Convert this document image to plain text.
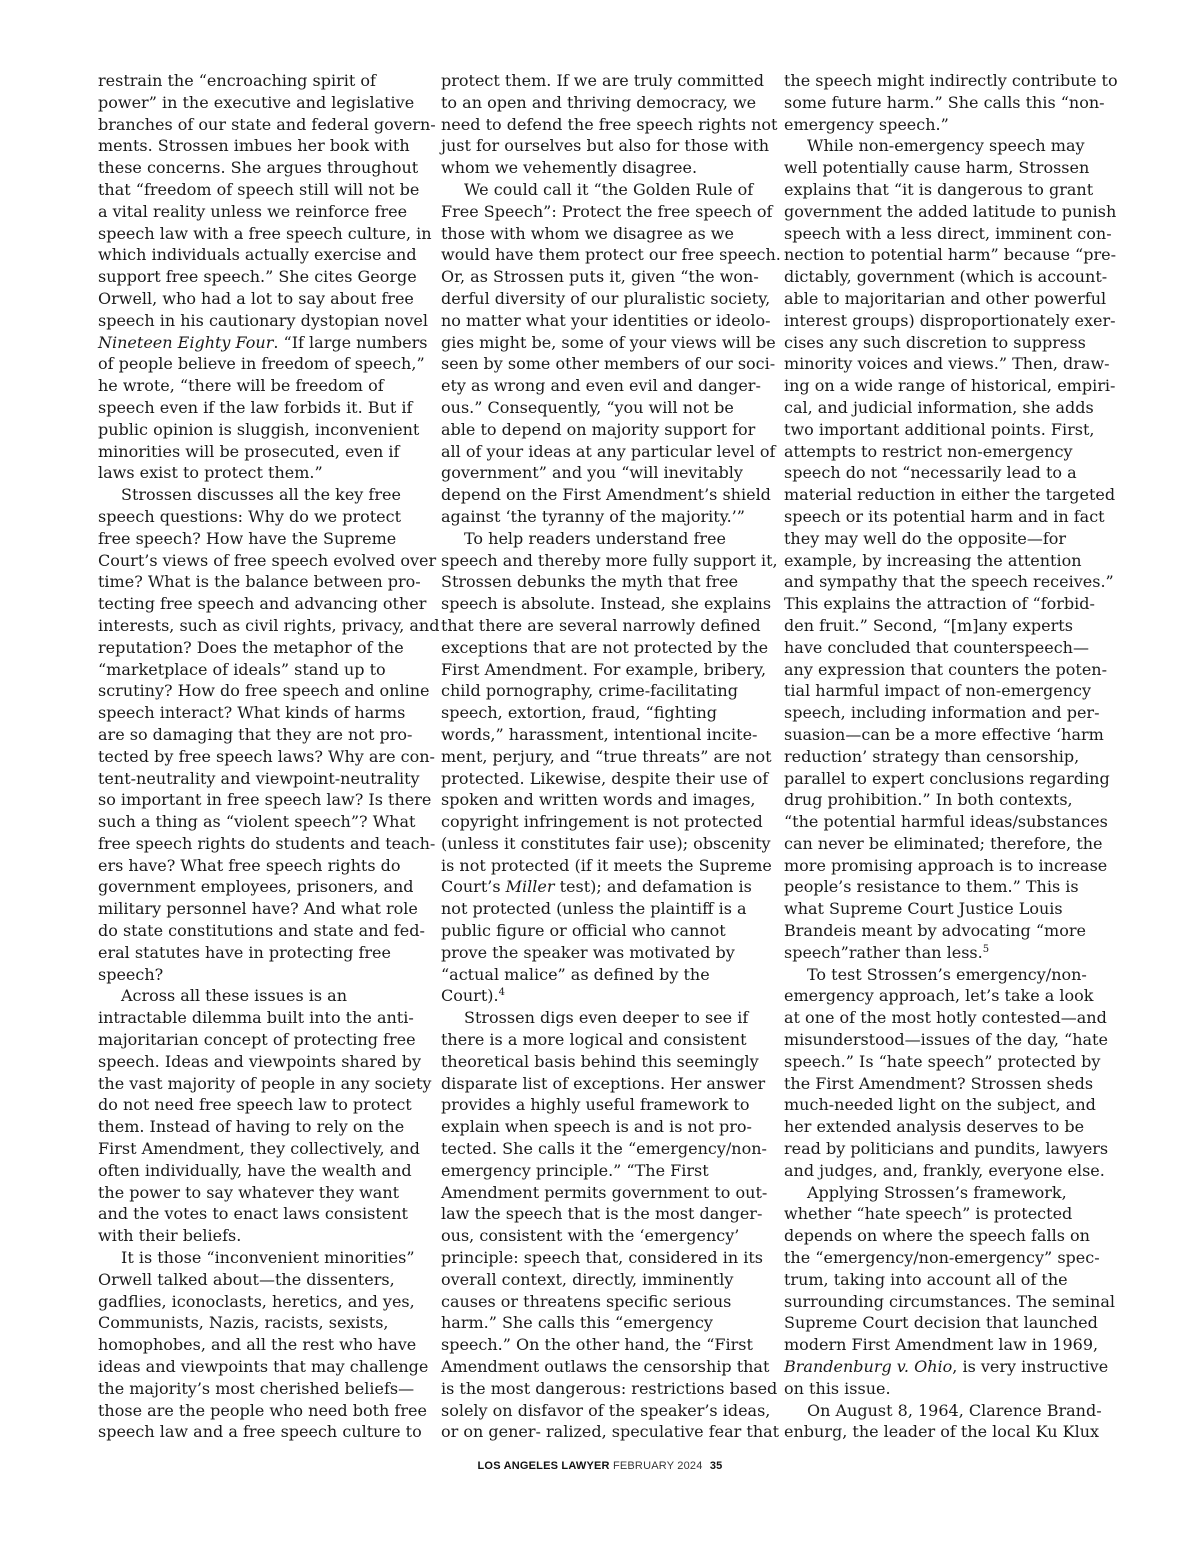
restrain the “encroaching spirit of
power” in the executive and legislative
branches of our state and federal govern-
ments. Strossen imbues her book with
these concerns. She argues throughout
that “freedom of speech still will not be
a vital reality unless we reinforce free
speech law with a free speech culture, in
which individuals actually exercise and
support free speech.” She cites George
Orwell, who had a lot to say about free
speech in his cautionary dystopian novel
Nineteen Eighty Four. “If large numbers
of people believe in freedom of speech,”
he wrote, “there will be freedom of
speech even if the law forbids it. But if
public opinion is sluggish, inconvenient
minorities will be prosecuted, even if
laws exist to protect them.”

Strossen discusses all the key free
speech questions: Why do we protect
free speech? How have the Supreme
Court’s views of free speech evolved over
time? What is the balance between pro-
tecting free speech and advancing other
interests, such as civil rights, privacy, and
reputation? Does the metaphor of the
“marketplace of ideals” stand up to
scrutiny? How do free speech and online
speech interact? What kinds of harms
are so damaging that they are not pro-
tected by free speech laws? Why are con-
tent-neutrality and viewpoint-neutrality
so important in free speech law? Is there
such a thing as “violent speech”? What
free speech rights do students and teach-
ers have? What free speech rights do
government employees, prisoners, and
military personnel have? And what role
do state constitutions and state and fed-
eral statutes have in protecting free
speech?

Across all these issues is an
intractable dilemma built into the anti-
majoritarian concept of protecting free
speech. Ideas and viewpoints shared by
the vast majority of people in any society
do not need free speech law to protect
them. Instead of having to rely on the
First Amendment, they collectively, and
often individually, have the wealth and
the power to say whatever they want
and the votes to enact laws consistent
with their beliefs.

It is those “inconvenient minorities”
Orwell talked about—the dissenters,
gadflies, iconoclasts, heretics, and yes,
Communists, Nazis, racists, sexists,
homophobes, and all the rest who have
ideas and viewpoints that may challenge
the majority’s most cherished beliefs—
those are the people who need both free
speech law and a free speech culture to

protect them. If we are truly committed
to an open and thriving democracy, we
need to defend the free speech rights not
just for ourselves but also for those with
whom we vehemently disagree.

We could call it “the Golden Rule of
Free Speech”: Protect the free speech of
those with whom we disagree as we
would have them protect our free speech.
Or, as Strossen puts it, given “the won-
derful diversity of our pluralistic society,
no matter what your identities or ideolo-
gies might be, some of your views will be
seen by some other members of our soci-
ety as wrong and even evil and danger-
ous.” Consequently, “you will not be
able to depend on majority support for
all of your ideas at any particular level of
government” and you “will inevitably
depend on the First Amendment’s shield
against ‘the tyranny of the majority.’”

To help readers understand free
speech and thereby more fully support it,
Strossen debunks the myth that free
speech is absolute. Instead, she explains
that there are several narrowly defined
exceptions that are not protected by the
First Amendment. For example, bribery,
child pornography, crime-facilitating
speech, extortion, fraud, “fighting
words,” harassment, intentional incite-
ment, perjury, and “true threats” are not
protected. Likewise, despite their use of
spoken and written words and images,
copyright infringement is not protected
(unless it constitutes fair use); obscenity
is not protected (if it meets the Supreme
Court’s Miller test); and defamation is
not protected (unless the plaintiff is a
public figure or official who cannot
prove the speaker was motivated by
“actual malice” as defined by the
Court).$^4$

Strossen digs even deeper to see if
there is a more logical and consistent
theoretical basis behind this seemingly
disparate list of exceptions. Her answer
provides a highly useful framework to
explain when speech is and is not pro-
tected. She calls it the “emergency/non-
emergency principle.” “The First
Amendment permits government to out-
law the speech that is the most danger-
ous, consistent with the ‘emergency’
principle: speech that, considered in its
overall context, directly, imminently
causes or threatens specific serious
harm.” She calls this “emergency
speech.” On the other hand, the “First
Amendment outlaws the censorship that
is the most dangerous: restrictions based
solely on disfavor of the speaker’s ideas,
or on gener- ralized, speculative fear that

the speech might indirectly contribute to
some future harm.” She calls this “non-
emergency speech.”

While non-emergency speech may
well potentially cause harm, Strossen
explains that “it is dangerous to grant
government the added latitude to punish
speech with a less direct, imminent con-
nection to potential harm” because “pre-
dictably, government (which is account-
able to majoritarian and other powerful
interest groups) disproportionately exer-
cises any such discretion to suppress
minority voices and views.” Then, draw-
ing on a wide range of historical, empiri-
cal, and judicial information, she adds
two important additional points. First,
attempts to restrict non-emergency
speech do not “necessarily lead to a
material reduction in either the targeted
speech or its potential harm and in fact
they may well do the opposite—for
example, by increasing the attention
and sympathy that the speech receives.”
This explains the attraction of “forbid-
den fruit.” Second, “[m]any experts
have concluded that counterspeech—
any expression that counters the poten-
tial harmful impact of non-emergency
speech, including information and per-
suasion—can be a more effective ‘harm
reduction’ strategy than censorship,
parallel to expert conclusions regarding
drug prohibition.” In both contexts,
“the potential harmful ideas/substances
can never be eliminated; therefore, the
more promising approach is to increase
people’s resistance to them.” This is
what Supreme Court Justice Louis
Brandeis meant by advocating “more
speech”rather than less.$^5$

To test Strossen’s emergency/non-
emergency approach, let’s take a look
at one of the most hotly contested—and
misunderstood—issues of the day, “hate
speech.” Is “hate speech” protected by
the First Amendment? Strossen sheds
much-needed light on the subject, and
her extended analysis deserves to be
read by politicians and pundits, lawyers
and judges, and, frankly, everyone else.

Applying Strossen’s framework,
whether “hate speech” is protected
depends on where the speech falls on
the “emergency/non-emergency” spec-
trum, taking into account all of the
surrounding circumstances. The seminal
Supreme Court decision that launched
modern First Amendment law in 1969,
Brandenburg v. Ohio, is very instructive
on this issue.

On August 8, 1964, Clarence Brand-
enburg, the leader of the local Ku Klux

LOS ANGELES LAWYER FEBRUARY 2024 35
